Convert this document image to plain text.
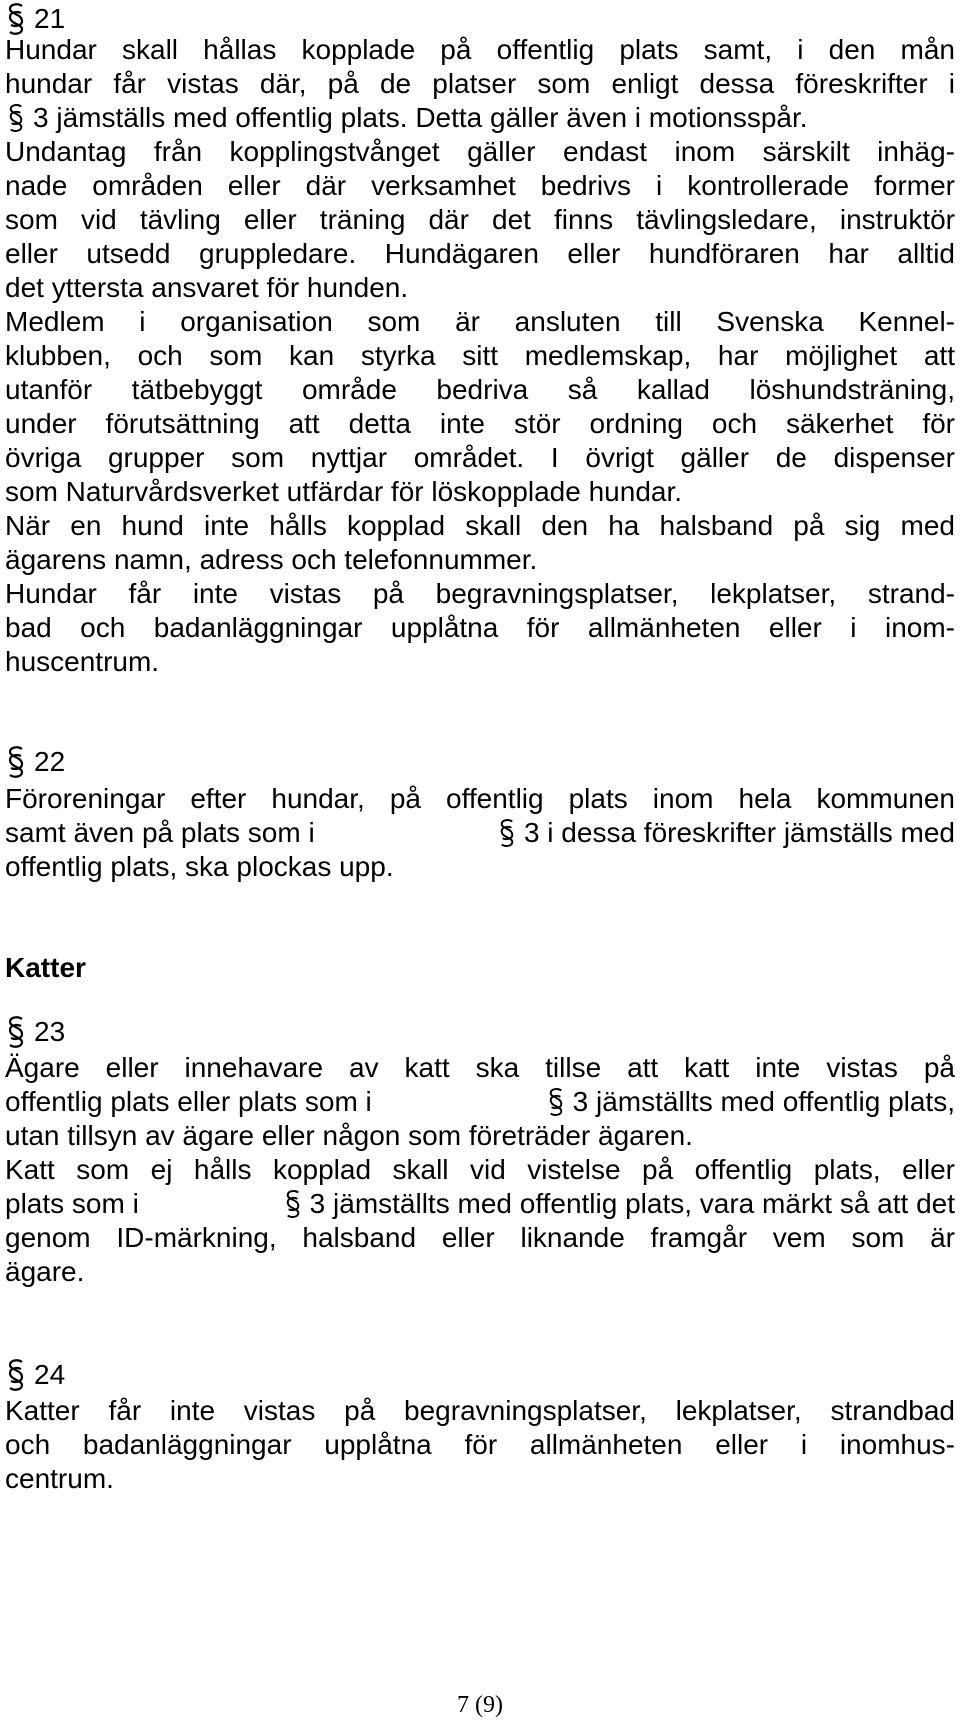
21
Hundar skall hållas kopplade på offentlig plats samt, i den mån
hundar får vistas där, på de platser som enligt dessa föreskrifter i
3 jämställs med offentlig plats. Detta gäller även i motionsspår.
Undantag från kopplingstvånget gäller endast inom särskilt inhäg-
nade områden eller där verksamhet bedrivs i kontrollerade former
som vid tävling eller träning där det finns tävlingsledare, instruktör
eller utsedd gruppledare. Hundägaren eller hundföraren har alltid
det yttersta ansvaret för hunden.
Medlem i organisation som är ansluten till Svenska Kennel-
klubben, och som kan styrka sitt medlemskap, har möjlighet att
utanför tätbebyggt område bedriva så kallad löshundsträning,
under förutsättning att detta inte stör ordning och säkerhet för
övriga grupper som nyttjar området. I övrigt gäller de dispenser
som Naturvårdsverket utfärdar för löskopplade hundar.
När en hund inte hålls kopplad skall den ha halsband på sig med
ägarens namn, adress och telefonnummer.
Hundar får inte vistas på begravningsplatser, lekplatser, strand-
bad och badanläggningar upplåtna för allmänheten eller i inom-
huscentrum.
22
Föroreningar efter hundar, på offentlig plats inom hela kommunen
samt även på plats som i	3 i dessa föreskrifter jämställs med
offentlig plats, ska plockas upp.
Katter
23
Ägare eller innehavare av katt ska tillse att katt inte vistas på
offentlig plats eller plats som i	3 jämställts med offentlig plats,
utan tillsyn av ägare eller någon som företräder ägaren.
Katt som ej hålls kopplad skall vid vistelse på offentlig plats, eller
plats som i	3 jämställts med offentlig plats, vara märkt så att det
genom ID-märkning, halsband eller liknande framgår vem som är
ägare.
24
Katter får inte vistas på begravningsplatser, lekplatser, strandbad
och badanläggningar upplåtna för allmänheten eller i inomhus-
centrum.
7 (9)
